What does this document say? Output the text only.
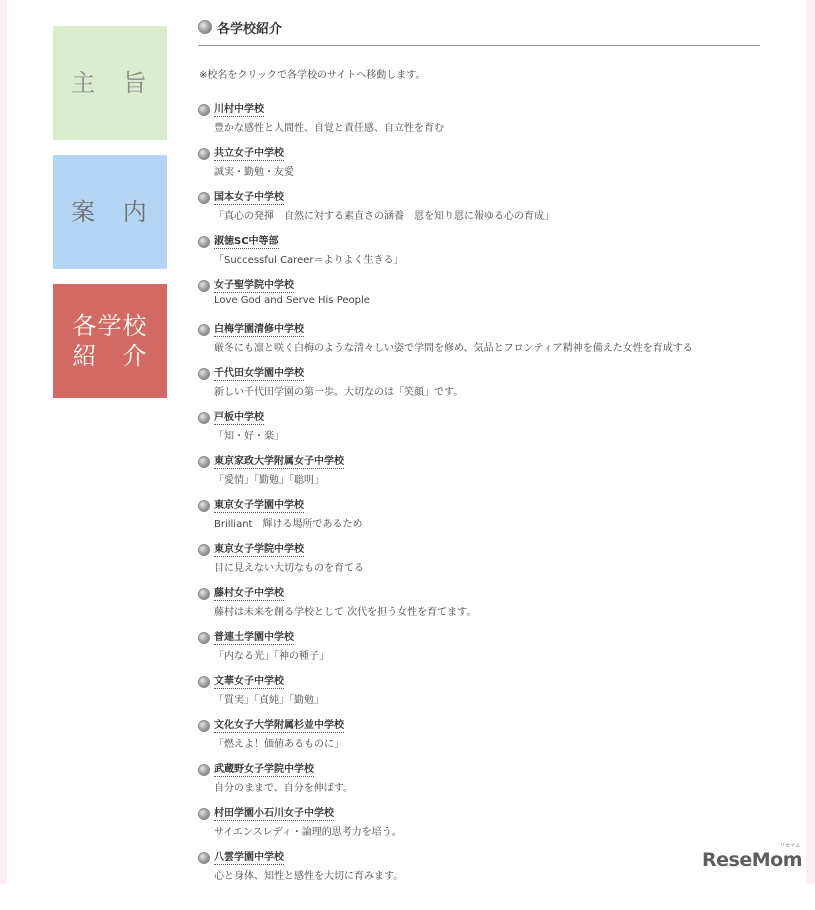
主 旨
案 内
各学校
紹　介
各学校紹介
※校名をクリックで各学校のサイトへ移動します。
川村中学校
豊かな感性と人間性、自覚と責任感、自立性を育む
共立女子中学校
誠実・勤勉・友愛
国本女子中学校
「真心の発揮　自然に対する素直さの涵養　恩を知り恩に報ゆる心の育成」
淑徳SC中等部
「Successful Career＝よりよく生きる」
女子聖学院中学校
Love God and Serve His People
白梅学園清修中学校
厳冬にも凛と咲く白梅のような清々しい姿で学問を修め、気品とフロンティア精神を備えた女性を育成する
千代田女学園中学校
新しい千代田学園の第一歩。大切なのは「笑顔」です。
戸板中学校
「知・好・楽」
東京家政大学附属女子中学校
「愛情」「勤勉」「聡明」
東京女子学園中学校
Brilliant　輝ける場所であるため
東京女子学院中学校
目に見えない大切なものを育てる
藤村女子中学校
藤村は未来を創る学校として 次代を担う女性を育てます。
普連土学園中学校
「内なる光」「神の種子」
文華女子中学校
「質実」「貞純」「勤勉」
文化女子大学附属杉並中学校
「燃えよ！価値あるものに」
武蔵野女子学院中学校
自分のままで、自分を伸ばす。
村田学園小石川女子中学校
サイエンスレディ・論理的思考力を培う。
八雲学園中学校
心と身体、知性と感性を大切に育みます。
ReseMom
リセマム
